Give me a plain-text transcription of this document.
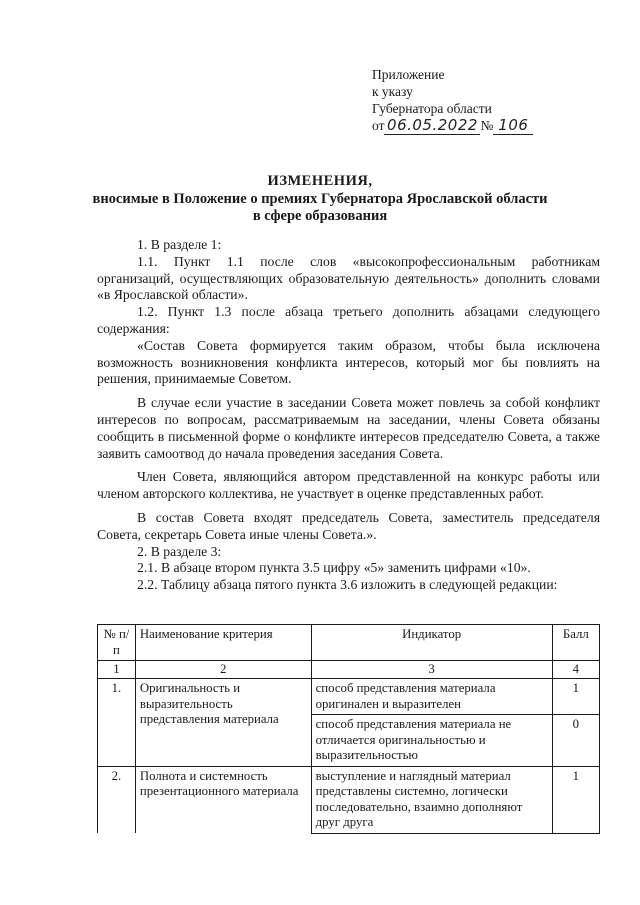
Приложение
к указу
Губернатора области
от 06.05.2022 № 106
ИЗМЕНЕНИЯ,
вносимые в Положение о премиях Губернатора Ярославской области
в сфере образования

1. В разделе 1:

1.1. Пункт 1.1 после слов «высокопрофессиональным работникам организаций, осуществляющих образовательную деятельность» дополнить словами «в Ярославской области».

1.2. Пункт 1.3 после абзаца третьего дополнить абзацами следующего содержания:

«Состав Совета формируется таким образом, чтобы была исключена возможность возникновения конфликта интересов, который мог бы повлиять на решения, принимаемые Советом.

В случае если участие в заседании Совета может повлечь за собой конфликт интересов по вопросам, рассматриваемым на заседании, члены Совета обязаны сообщить в письменной форме о конфликте интересов председателю Совета, а также заявить самоотвод до начала проведения заседания Совета.

Член Совета, являющийся автором представленной на конкурс работы или членом авторского коллектива, не участвует в оценке представленных работ.

В состав Совета входят председатель Совета, заместитель председателя Совета, секретарь Совета иные члены Совета.».

2. В разделе 3:

2.1. В абзаце втором пункта 3.5 цифру «5» заменить цифрами «10».

2.2. Таблицу абзаца пятого пункта 3.6 изложить в следующей редакции:

№ п/п	Наименование критерия	Индикатор	Балл
1	2	3	4
1.	Оригинальность и выразительность представления материала	способ представления материала оригинален и выразителен	1
		способ представления материала не отличается оригинальностью и выразительностью	0
2.	Полнота и системность презентационного материала	выступление и наглядный материал представлены системно, логически последовательно, взаимно дополняют друг друга	1
